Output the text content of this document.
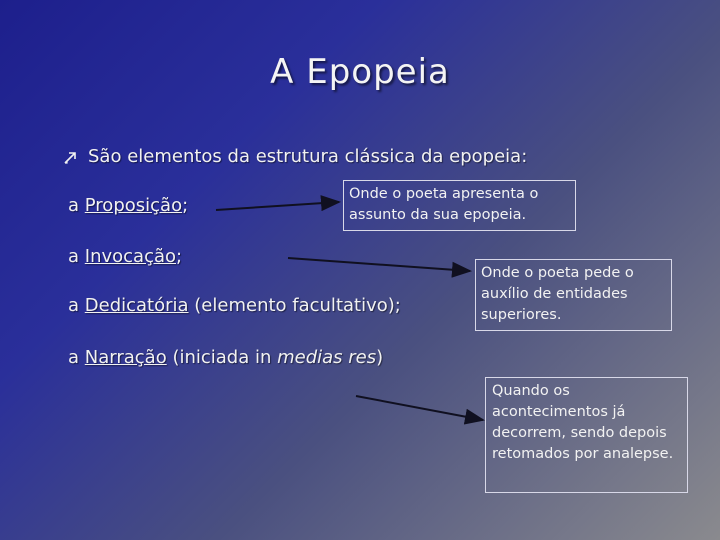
A Epopeia
São elementos da estrutura clássica da epopeia:
a Proposição;
a Invocação;
a Dedicatória (elemento facultativo);
a Narração (iniciada in medias res)
Onde o poeta apresenta o assunto da sua epopeia.
Onde o poeta pede o auxílio de entidades superiores.
Quando os acontecimentos já decorrem, sendo depois retomados por analepse.
